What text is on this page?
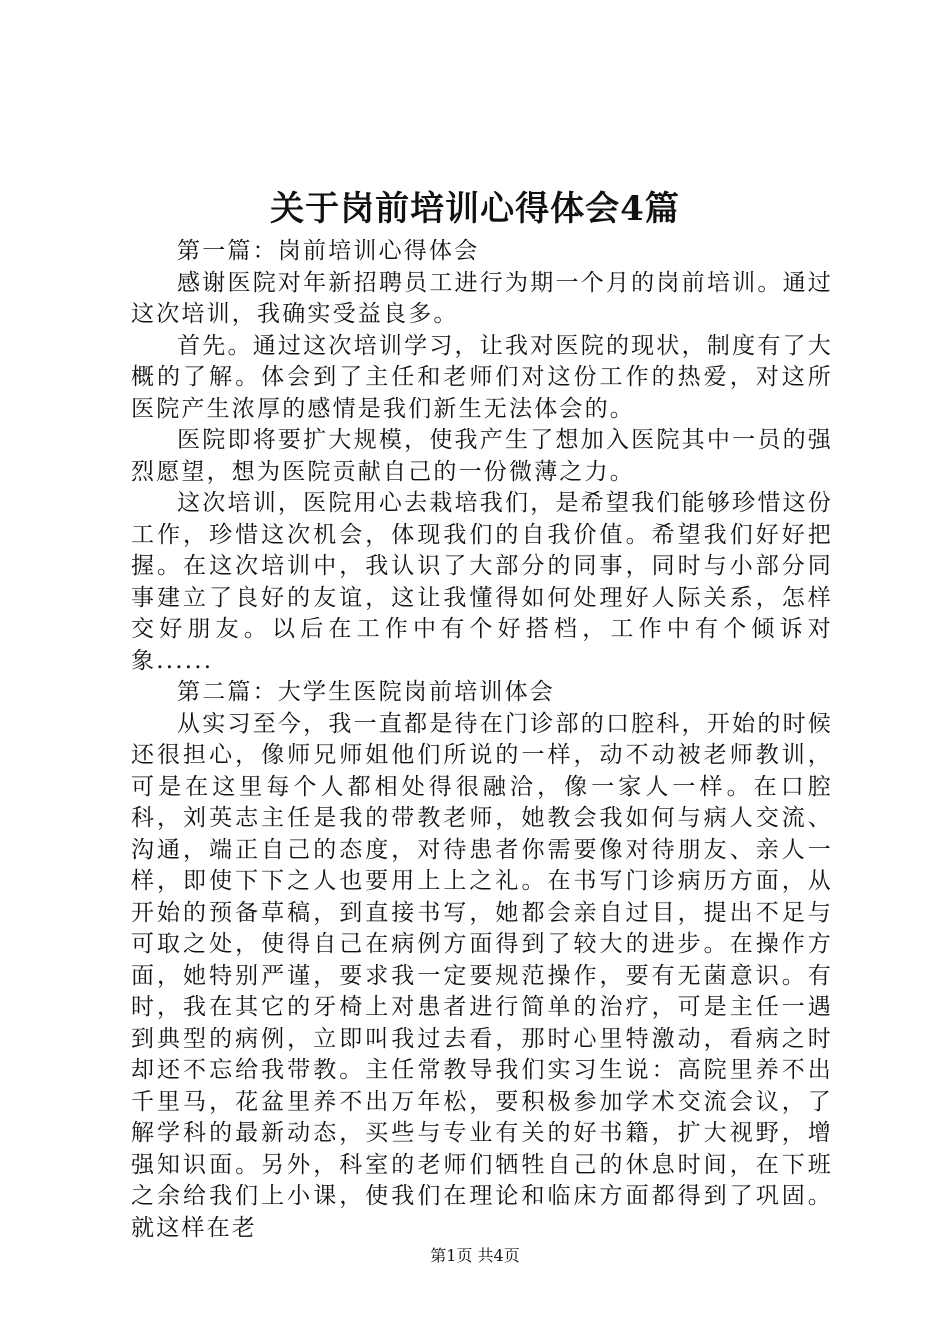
关于岗前培训心得体会4篇

第一篇：岗前培训心得体会

感谢医院对年新招聘员工进行为期一个月的岗前培训。通过这次培训，我确实受益良多。

首先。通过这次培训学习，让我对医院的现状，制度有了大概的了解。体会到了主任和老师们对这份工作的热爱，对这所医院产生浓厚的感情是我们新生无法体会的。

医院即将要扩大规模，使我产生了想加入医院其中一员的强烈愿望，想为医院贡献自己的一份微薄之力。

这次培训，医院用心去栽培我们，是希望我们能够珍惜这份工作，珍惜这次机会，体现我们的自我价值。希望我们好好把握。在这次培训中，我认识了大部分的同事，同时与小部分同事建立了良好的友谊，这让我懂得如何处理好人际关系，怎样交好朋友。以后在工作中有个好搭档，工作中有个倾诉对象......

第二篇：大学生医院岗前培训体会

从实习至今，我一直都是待在门诊部的口腔科，开始的时候还很担心，像师兄师姐他们所说的一样，动不动被老师教训，可是在这里每个人都相处得很融洽，像一家人一样。在口腔科，刘英志主任是我的带教老师，她教会我如何与病人交流、沟通，端正自己的态度，对待患者你需要像对待朋友、亲人一样，即使下下之人也要用上上之礼。在书写门诊病历方面，从开始的预备草稿，到直接书写，她都会亲自过目，提出不足与可取之处，使得自己在病例方面得到了较大的进步。在操作方面，她特别严谨，要求我一定要规范操作，要有无菌意识。有时，我在其它的牙椅上对患者进行简单的治疗，可是主任一遇到典型的病例，立即叫我过去看，那时心里特激动，看病之时却还不忘给我带教。主任常教导我们实习生说：高院里养不出千里马，花盆里养不出万年松，要积极参加学术交流会议，了解学科的最新动态，买些与专业有关的好书籍，扩大视野，增强知识面。另外，科室的老师们牺牲自己的休息时间，在下班之余给我们上小课，使我们在理论和临床方面都得到了巩固。就这样在老

第1页 共4页
